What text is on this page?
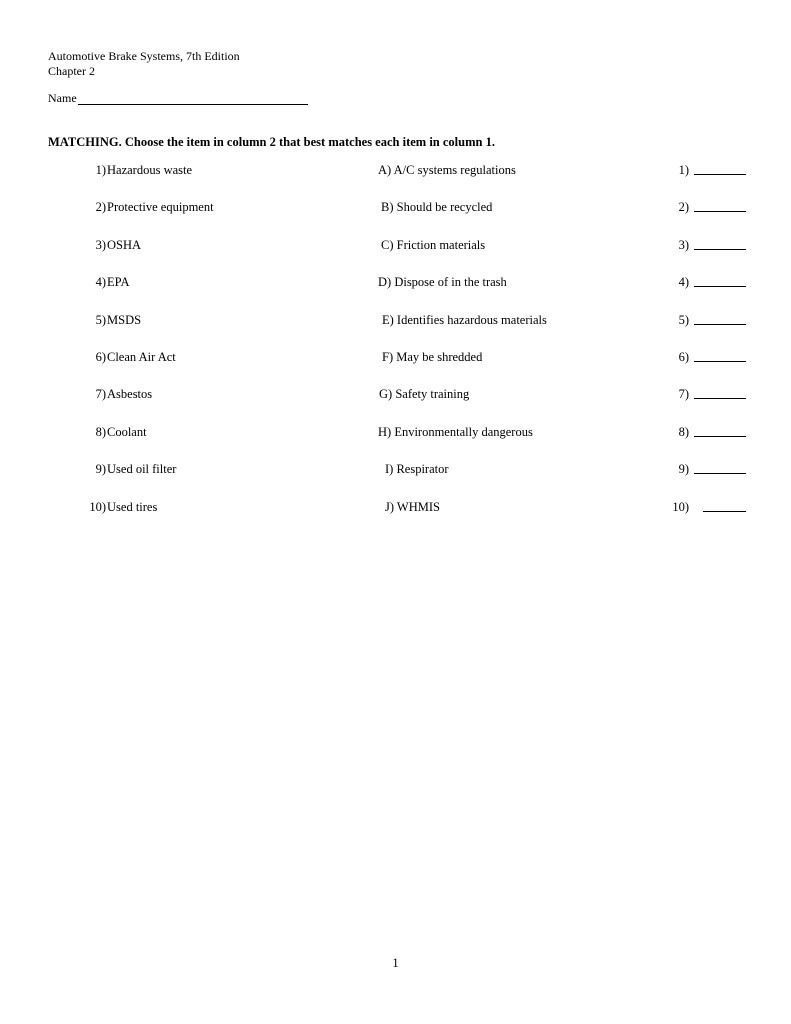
Automotive Brake Systems, 7th Edition
Chapter 2
Name
MATCHING. Choose the item in column 2 that best matches each item in column 1.
1) Hazardous waste	A) A/C systems regulations	1)
2) Protective equipment	B) Should be recycled	2)
3) OSHA	C) Friction materials	3)
4) EPA	D) Dispose of in the trash	4)
5) MSDS	E) Identifies hazardous materials	5)
6) Clean Air Act	F) May be shredded	6)
7) Asbestos	G) Safety training	7)
8) Coolant	H) Environmentally dangerous	8)
9) Used oil filter	I) Respirator	9)
10) Used tires	J) WHMIS	10)
1
